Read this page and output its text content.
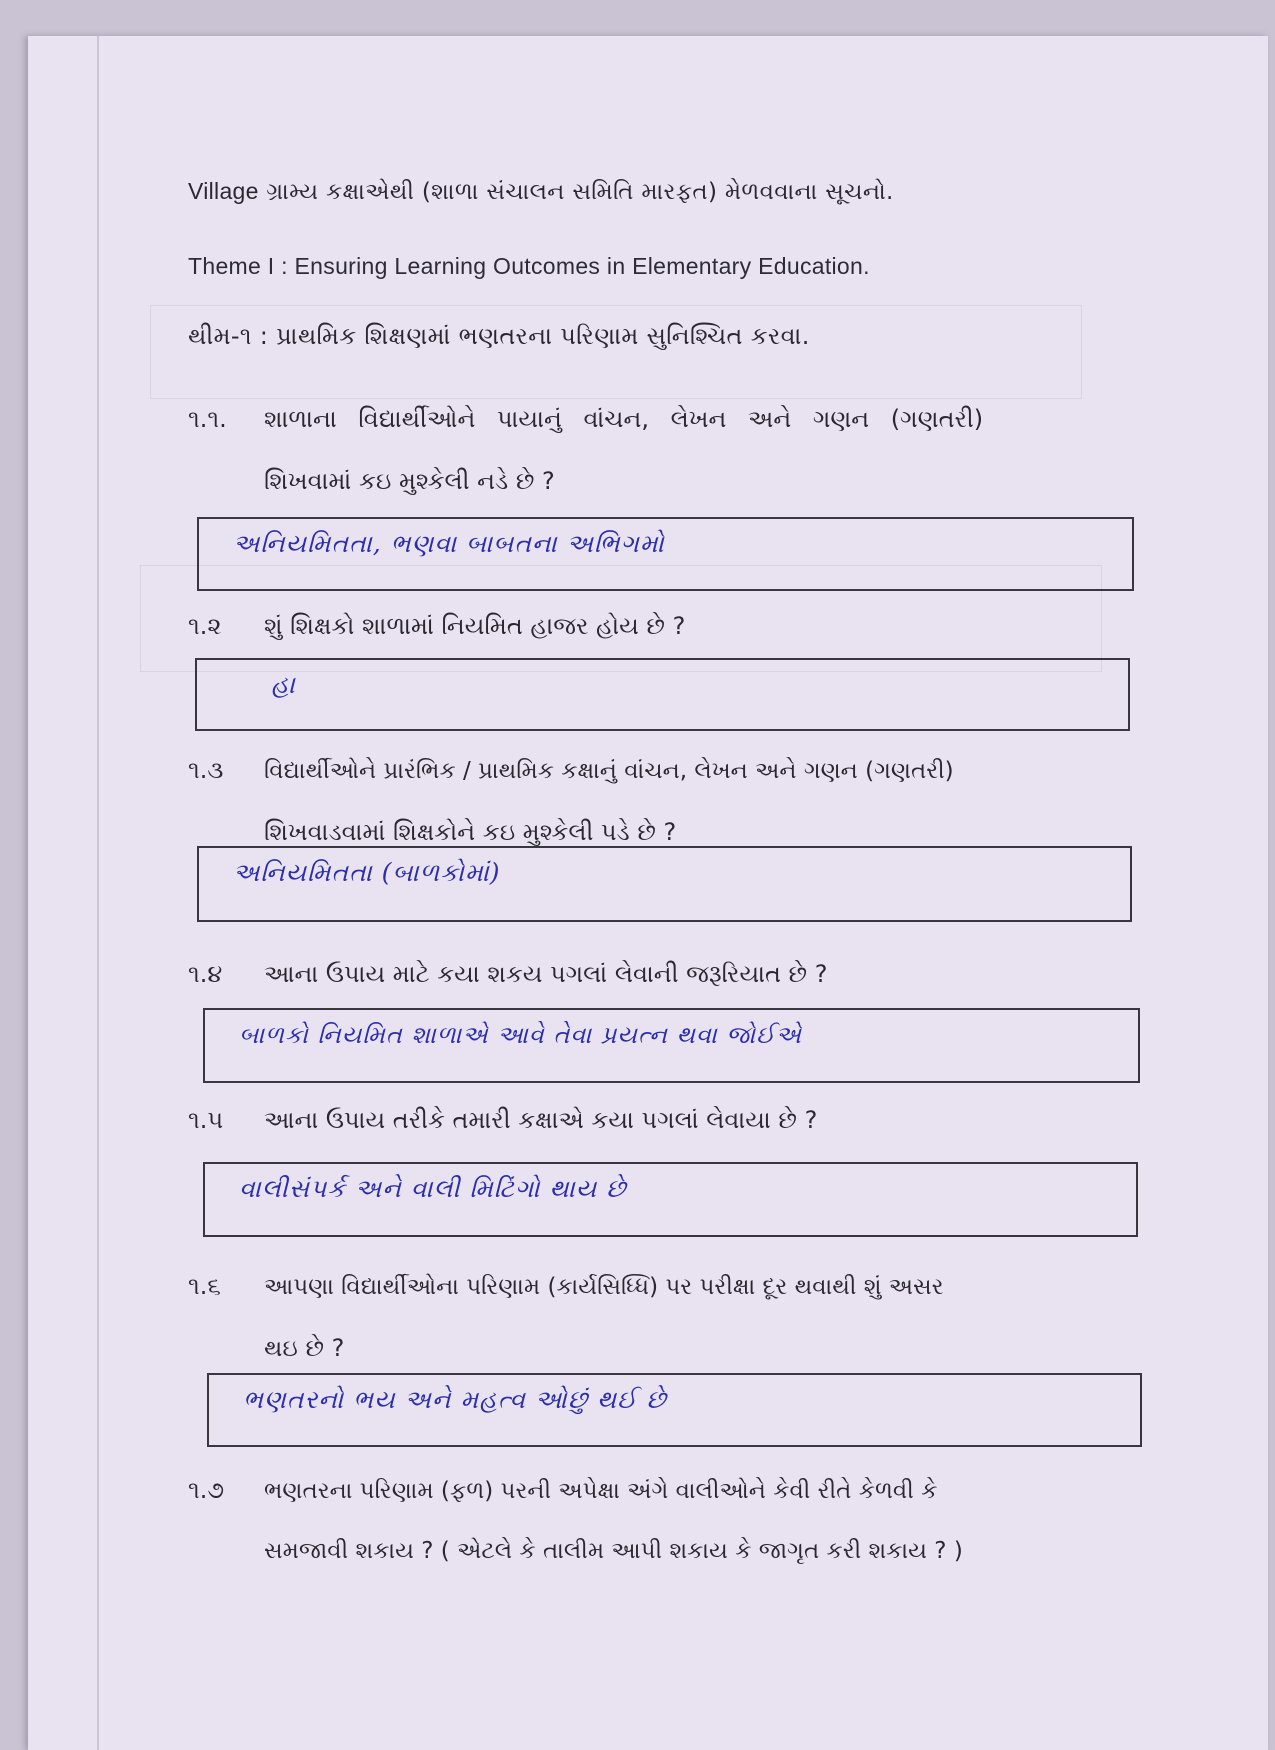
Village ગ્રામ્ય કક્ષાએથી (શાળા સંચાલન સમિતિ મારફત) મેળવવાના સૂચનો.
Theme I : Ensuring Learning Outcomes in Elementary Education.
થીમ-૧ : પ્રાથમિક શિક્ષણમાં ભણતરના પરિણામ સુનિશ્ચિત કરવા.
૧.૧. શાળાના વિદ્યાર્થીઓને પાયાનું વાંચન, લેખન અને ગણન (ગણતરી)
શિખવામાં કઇ મુશ્કેલી નડે છે ?
અનિયમિતતા, ભણવા બાબતના અભિગમો
૧.૨ શું શિક્ષકો શાળામાં નિયમિત હાજર હોય છે ?
હા
૧.૩ વિદ્યાર્થીઓને પ્રારંભિક / પ્રાથમિક કક્ષાનું વાંચન, લેખન અને ગણન (ગણતરી)
શિખવાડવામાં શિક્ષકોને કઇ મુશ્કેલી પડે છે ?
અનિયમિતતા (બાળકોમાં)
૧.૪ આના ઉપાય માટે કયા શકય પગલાં લેવાની જરૂરિયાત છે ?
બાળકો નિયમિત શાળાએ આવે તેવા પ્રયત્ન થવા જોઈએ
૧.૫ આના ઉપાય તરીકે તમારી કક્ષાએ કયા પગલાં લેવાયા છે ?
વાલીસંપર્ક અને વાલી મિટિંગો થાય છે
૧.૬ આપણા વિદ્યાર્થીઓના પરિણામ (કાર્યસિધ્ધિ) પર પરીક્ષા દૂર થવાથી શું અસર
થઇ છે ?
ભણતરનો ભય અને મહત્વ ઓછું થઈ છે
૧.૭ ભણતરના પરિણામ (ફળ) પરની અપેક્ષા અંગે વાલીઓને કેવી રીતે કેળવી કે
સમજાવી શકાય ? ( એટલે કે તાલીમ આપી શકાય કે જાગૃત કરી શકાય ? )
